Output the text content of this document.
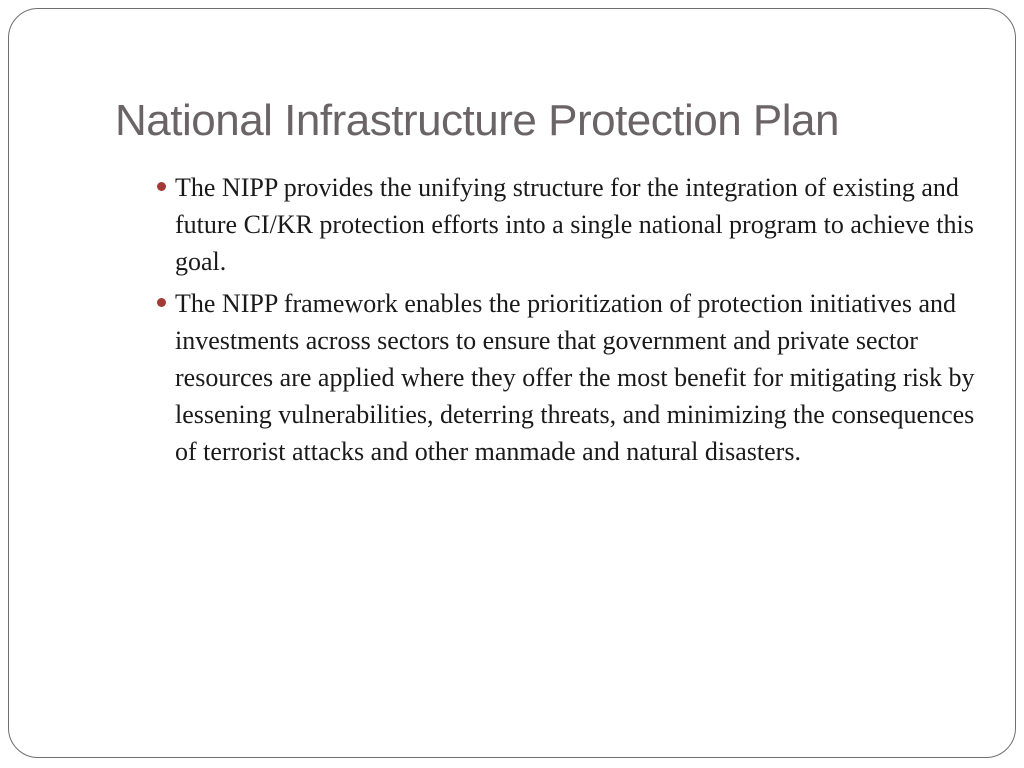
National Infrastructure Protection Plan
The NIPP provides the unifying structure for the integration of existing and future CI/KR protection efforts into a single national program to achieve this goal.
The NIPP framework enables the prioritization of protection initiatives and investments across sectors to ensure that government and private sector resources are applied where they offer the most benefit for mitigating risk by lessening vulnerabilities, deterring threats, and minimizing the consequences of terrorist attacks and other manmade and natural disasters.
